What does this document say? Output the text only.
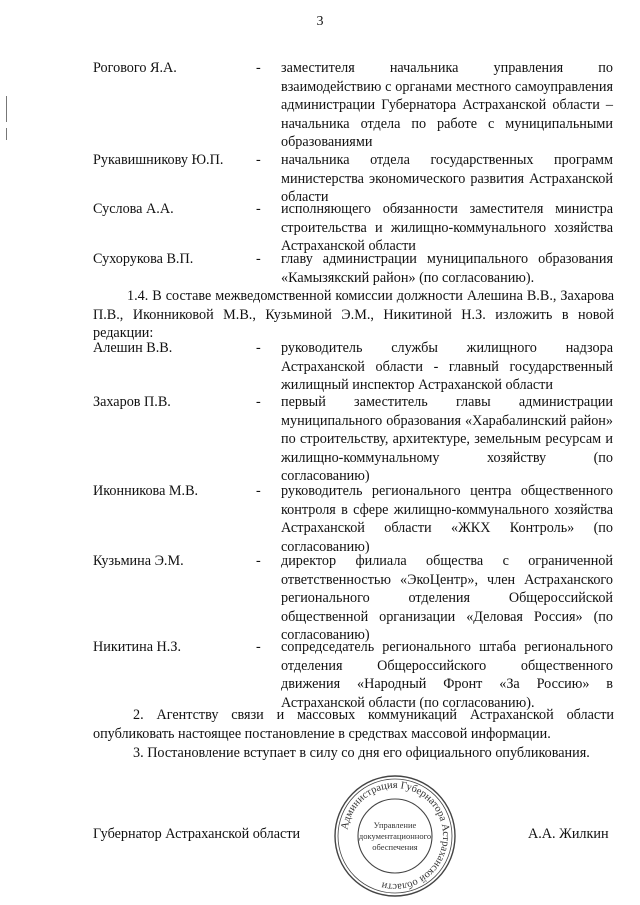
3
Рогового Я.А.	- заместителя начальника управления по взаимодействию с органами местного самоуправления администрации Губернатора Астраханской области – начальника отдела по работе с муниципальными образованиями
Рукавишникову Ю.П. - начальника отдела государственных программ министерства экономического развития Астраханской области
Суслова А.А.	- исполняющего обязанности заместителя министра строительства и жилищно-коммунального хозяйства Астраханской области
Сухорукова В.П.	- главу администрации муниципального образования «Камызякский район» (по согласованию).
1.4. В составе межведомственной комиссии должности Алешина В.В., Захарова П.В., Иконниковой М.В., Кузьминой Э.М., Никитиной Н.З. изложить в новой редакции:
Алешин В.В.	- руководитель службы жилищного надзора Астраханской области - главный государственный жилищный инспектор Астраханской области
Захаров П.В.	- первый заместитель главы администрации муниципального образования «Харабалинский район» по строительству, архитектуре, земельным ресурсам и жилищно-коммунальному хозяйству (по согласованию)
Иконникова М.В.	- руководитель регионального центра общественного контроля в сфере жилищно-коммунального хозяйства Астраханской области «ЖКХ Контроль» (по согласованию)
Кузьмина Э.М.	- директор филиала общества с ограниченной ответственностью «ЭкоЦентр», член Астраханского регионального отделения Общероссийской общественной организации «Деловая Россия» (по согласованию)
Никитина Н.З.	- сопредседатель регионального штаба регионального отделения Общероссийского общественного движения «Народный Фронт «За Россию» в Астраханской области (по согласованию).
2. Агентству связи и массовых коммуникаций Астраханской области опубликовать настоящее постановление в средствах массовой информации.
3. Постановление вступает в силу со дня его официального опубликования.
Администрация Губернатора Астраханской области
Управление
документационного
обеспечения
Губернатор Астраханской области	А.А. Жилкин
